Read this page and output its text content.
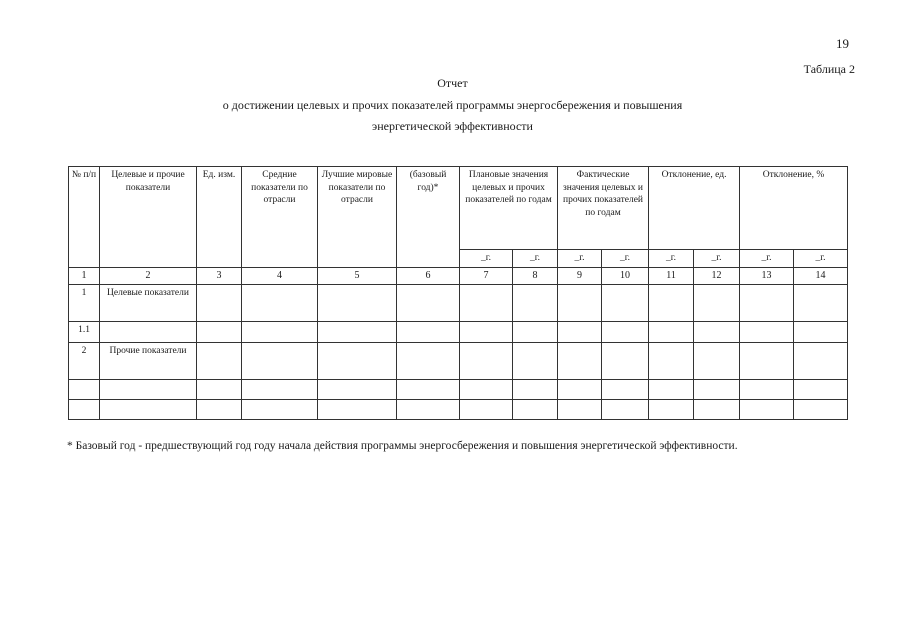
19
Таблица 2
Отчет
о достижении целевых и прочих показателей программы энергосбережения и повышения
энергетической эффективности
№ п/п	Целевые и прочие показатели	Ед. изм.	Средние показатели по отрасли	Лучшие мировые показатели по отрасли	(базовый год)*	Плановые значения целевых и прочих показателей по годам		Фактические значения целевых и прочих показателей по годам		Отклонение, ед.		Отклонение, %	
						_г.	_г.	_г.	_г.	_г.	_г.	_г.	_г.
1	2	3	4	5	6	7	8	9	10	11	12	13	14
1	Целевые показатели												
1.1													
2	Прочие показатели												

* Базовый год - предшествующий год году начала действия программы энергосбережения и повышения энергетической эффективности.
